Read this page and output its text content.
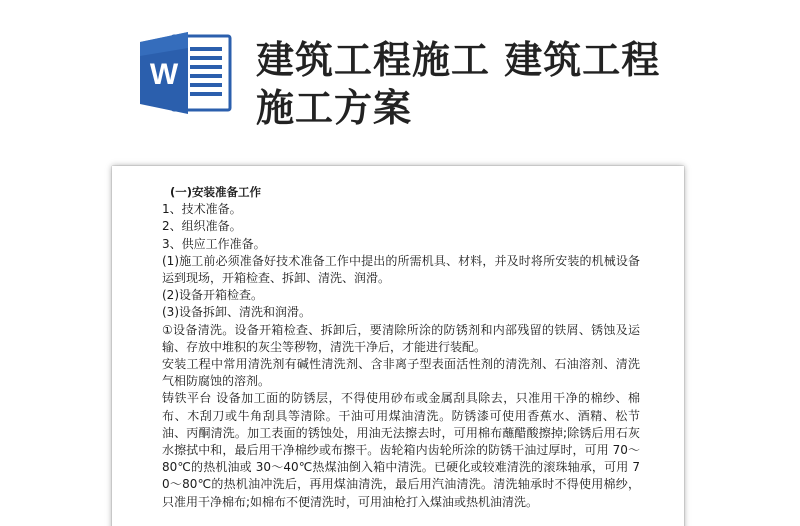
W 建筑工程施工 建筑工程施工方案

(一)安装准备工作

1、技术准备。

2、组织准备。

3、供应工作准备。

(1)施工前必须准备好技术准备工作中提出的所需机具、材料，并及时将所安装的机械设备运到现场，开箱检查、拆卸、清洗、润滑。

(2)设备开箱检查。

(3)设备拆卸、清洗和润滑。

①设备清洗。设备开箱检查、拆卸后，要清除所涂的防锈剂和内部残留的铁屑、锈蚀及运输、存放中堆积的灰尘等秽物，清洗干净后，才能进行装配。

安装工程中常用清洗剂有碱性清洗剂、含非离子型表面活性剂的清洗剂、石油溶剂、清洗气相防腐蚀的溶剂。

铸铁平台 设备加工面的防锈层，不得使用砂布或金属刮具除去，只准用干净的棉纱、棉布、木刮刀或牛角刮具等清除。干油可用煤油清洗。防锈漆可使用香蕉水、酒精、松节油、丙酮清洗。加工表面的锈蚀处，用油无法擦去时，可用棉布蘸醋酸擦掉;除锈后用石灰水擦拭中和，最后用干净棉纱或布擦干。齿轮箱内齿轮所涂的防锈干油过厚时，可用 70～80℃的热机油或 30～40℃热煤油倒入箱中清洗。已硬化或较难清洗的滚珠轴承，可用 70～80℃的热机油冲洗后，再用煤油清洗，最后用汽油清洗。清洗轴承时不得使用棉纱，只准用干净棉布;如棉布不便清洗时，可用油枪打入煤油或热机油清洗。
